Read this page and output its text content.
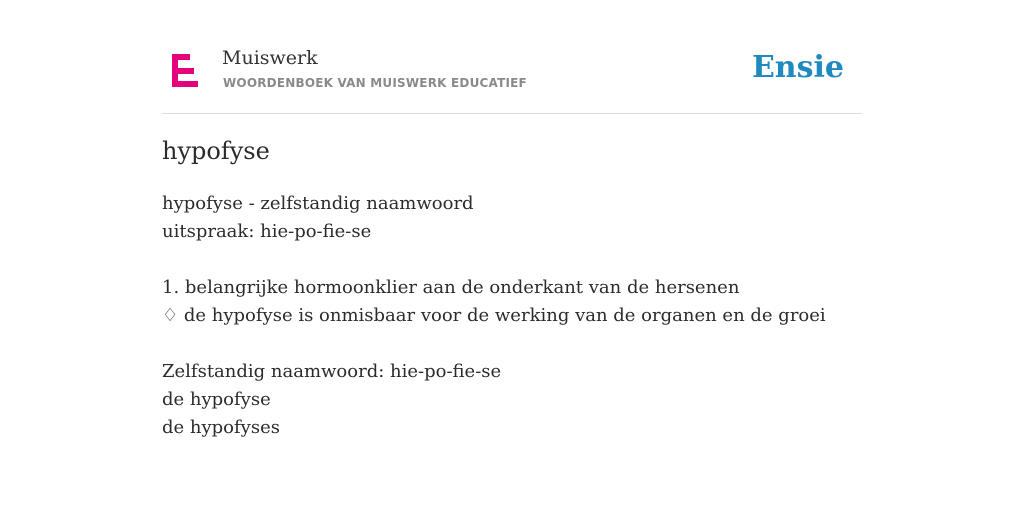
Muiswerk
WOORDENBOEK VAN MUISWERK EDUCATIEF	Ensie
hypofyse
hypofyse - zelfstandig naamwoord
uitspraak: hie-po-fie-se
1. belangrijke hormoonklier aan de onderkant van de hersenen
♢ de hypofyse is onmisbaar voor de werking van de organen en de groei
Zelfstandig naamwoord: hie-po-fie-se
de hypofyse
de hypofyses
